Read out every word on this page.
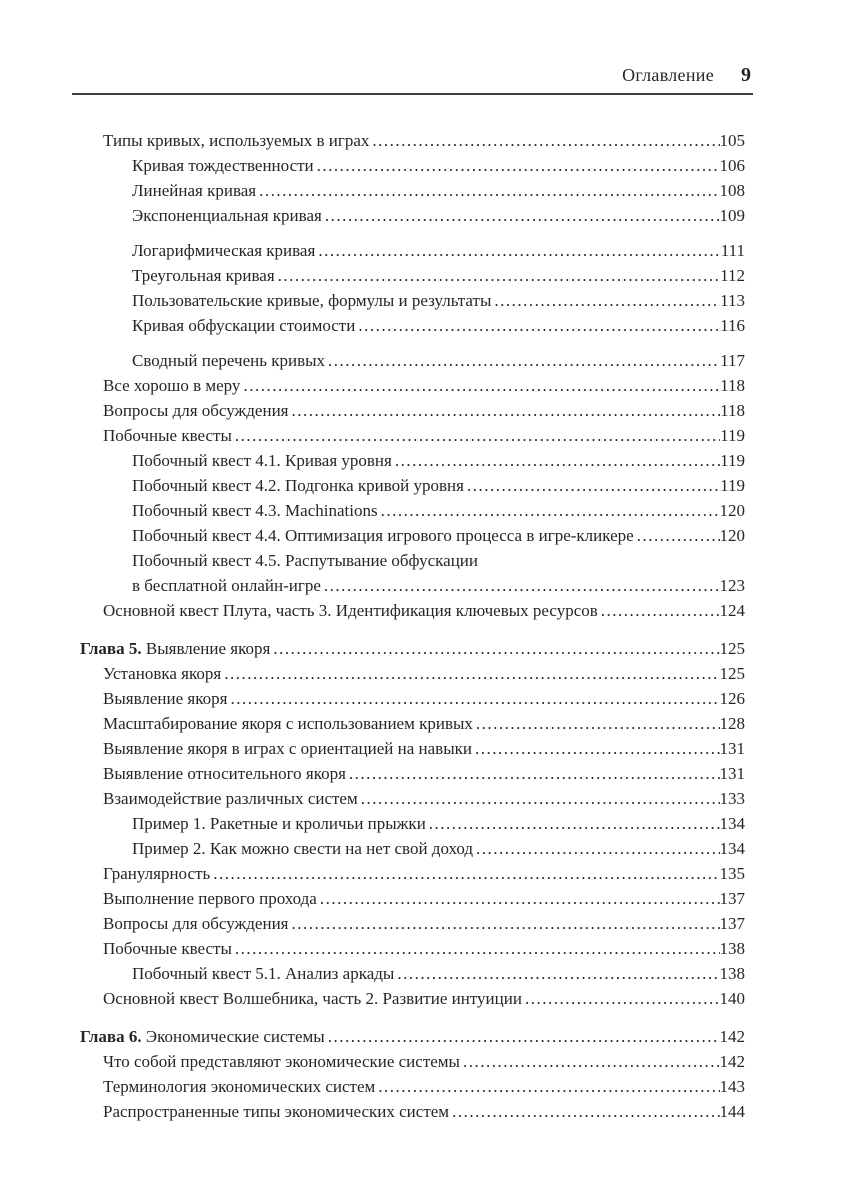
Оглавление 9
Типы кривых, используемых в играх .....	105
Кривая тождественности .....	106
Линейная кривая .....	108
Экспоненциальная кривая .....	109
Логарифмическая кривая .....	111
Треугольная кривая .....	112
Пользовательские кривые, формулы и результаты .....	113
Кривая обфускации стоимости .....	116
Сводный перечень кривых .....	117
Все хорошо в меру .....	118
Вопросы для обсуждения .....	118
Побочные квесты .....	119
Побочный квест 4.1. Кривая уровня .....	119
Побочный квест 4.2. Подгонка кривой уровня .....	119
Побочный квест 4.3. Machinations .....	120
Побочный квест 4.4. Оптимизация игрового процесса в игре-кликере .....	120
Побочный квест 4.5. Распутывание обфускации
в бесплатной онлайн-игре .....	123
Основной квест Плута, часть 3. Идентификация ключевых ресурсов .....	124
Глава 5. Выявление якоря .....	125
Установка якоря .....	125
Выявление якоря .....	126
Масштабирование якоря с использованием кривых .....	128
Выявление якоря в играх с ориентацией на навыки .....	131
Выявление относительного якоря .....	131
Взаимодействие различных систем .....	133
Пример 1. Ракетные и кроличьи прыжки .....	134
Пример 2. Как можно свести на нет свой доход .....	134
Гранулярность .....	135
Выполнение первого прохода .....	137
Вопросы для обсуждения .....	137
Побочные квесты .....	138
Побочный квест 5.1. Анализ аркады .....	138
Основной квест Волшебника, часть 2. Развитие интуиции .....	140
Глава 6. Экономические системы .....	142
Что собой представляют экономические системы .....	142
Терминология экономических систем .....	143
Распространенные типы экономических систем .....	144
